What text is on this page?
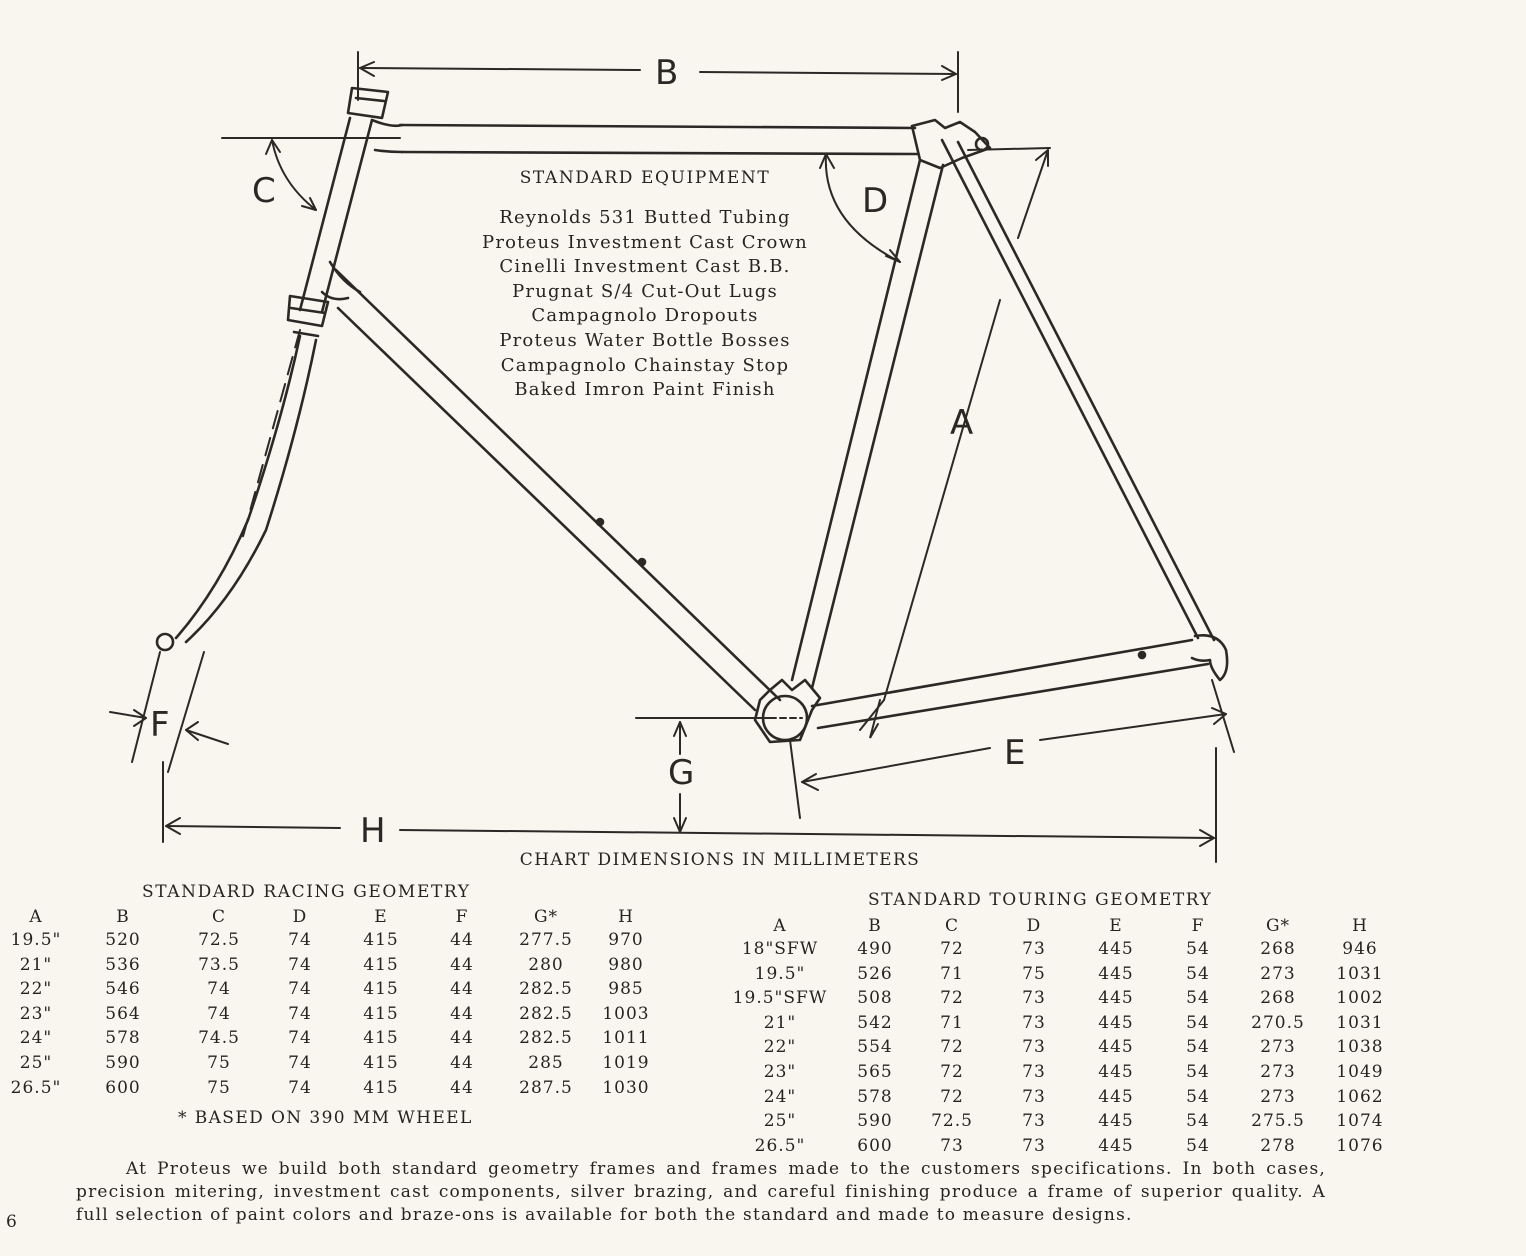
B
C	D
A
E
G
H
F
STANDARD EQUIPMENT
Reynolds 531 Butted Tubing
Proteus Investment Cast Crown
Cinelli Investment Cast B.B.
Prugnat S/4 Cut-Out Lugs
Campagnolo Dropouts
Proteus Water Bottle Bosses
Campagnolo Chainstay Stop
Baked Imron Paint Finish
CHART DIMENSIONS IN MILLIMETERS
STANDARD RACING GEOMETRY
A	B	C	D	E	F	G*	H
19.5"	520	72.5	74	415	44	277.5	970
21"	536	73.5	74	415	44	280	980
22"	546	74	74	415	44	282.5	985
23"	564	74	74	415	44	282.5	1003
24"	578	74.5	74	415	44	282.5	1011
25"	590	75	74	415	44	285	1019
26.5"	600	75	74	415	44	287.5	1030
* BASED ON 390 MM WHEEL
STANDARD TOURING GEOMETRY
A	B	C	D	E	F	G*	H
18"SFW	490	72	73	445	54	268	946
19.5"	526	71	75	445	54	273	1031
19.5"SFW	508	72	73	445	54	268	1002
21"	542	71	73	445	54	270.5	1031
22"	554	72	73	445	54	273	1038
23"	565	72	73	445	54	273	1049
24"	578	72	73	445	54	273	1062
25"	590	72.5	73	445	54	275.5	1074
26.5"	600	73	73	445	54	278	1076

At Proteus we build both standard geometry frames and frames made to the customers specifications. In both cases, precision mitering, investment cast components, silver brazing, and careful finishing produce a frame of superior quality. A full selection of paint colors and braze-ons is available for both the standard and made to measure designs.

6
